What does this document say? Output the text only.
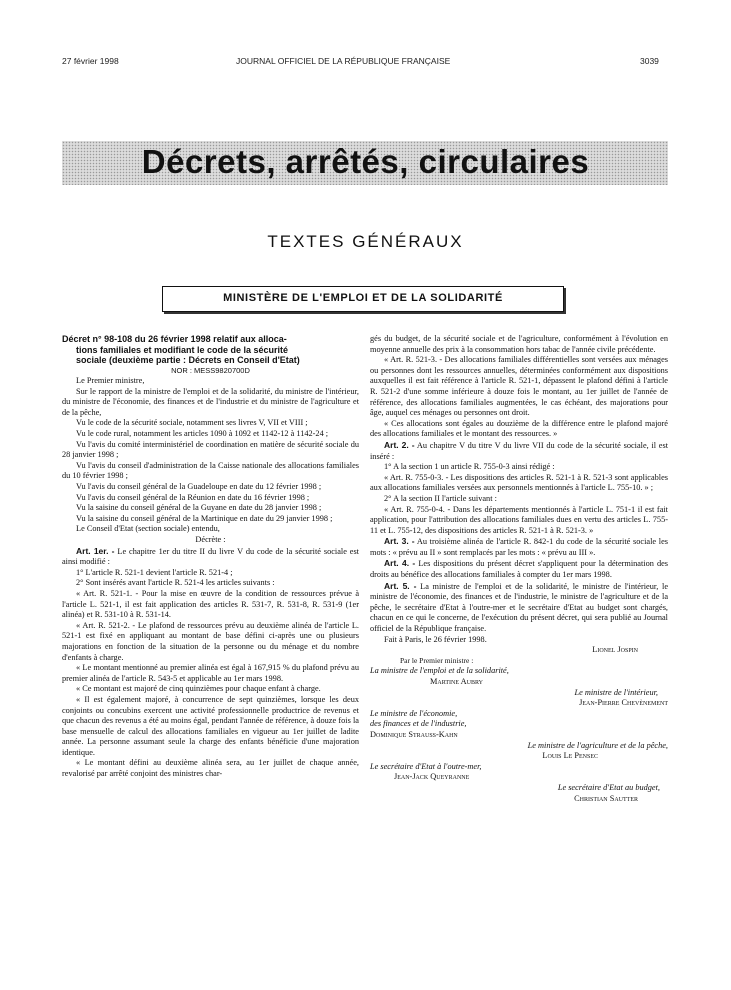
27 février 1998	JOURNAL OFFICIEL DE LA RÉPUBLIQUE FRANÇAISE	3039
Décrets, arrêtés, circulaires
TEXTES GÉNÉRAUX
MINISTÈRE DE L'EMPLOI ET DE LA SOLIDARITÉ

Décret n° 98-108 du 26 février 1998 relatif aux alloca-
tions familiales et modifiant le code de la sécurité
sociale (deuxième partie : Décrets en Conseil d'Etat)

NOR : MESS9820700D

Le Premier ministre,

Sur le rapport de la ministre de l'emploi et de la solidarité, du ministre de l'intérieur, du ministre de l'économie, des finances et de l'industrie et du ministre de l'agriculture et de la pêche,

Vu le code de la sécurité sociale, notamment ses livres V, VII et VIII ;

Vu le code rural, notamment les articles 1090 à 1092 et 1142-12 à 1142-24 ;

Vu l'avis du comité interministériel de coordination en matière de sécurité sociale du 28 janvier 1998 ;

Vu l'avis du conseil d'administration de la Caisse nationale des allocations familiales du 10 février 1998 ;

Vu l'avis du conseil général de la Guadeloupe en date du 12 février 1998 ;

Vu l'avis du conseil général de la Réunion en date du 16 février 1998 ;

Vu la saisine du conseil général de la Guyane en date du 28 janvier 1998 ;

Vu la saisine du conseil général de la Martinique en date du 29 janvier 1998 ;

Le Conseil d'Etat (section sociale) entendu,

Décrète :

Art. 1er. - Le chapitre 1er du titre II du livre V du code de la sécurité sociale est ainsi modifié :

1° L'article R. 521-1 devient l'article R. 521-4 ;

2° Sont insérés avant l'article R. 521-4 les articles suivants :

« Art. R. 521-1. - Pour la mise en œuvre de la condition de ressources prévue à l'article L. 521-1, il est fait application des articles R. 531-7, R. 531-8, R. 531-9 (1er alinéa) et R. 531-10 à R. 531-14.

« Art. R. 521-2. - Le plafond de ressources prévu au deuxième alinéa de l'article L. 521-1 est fixé en appliquant au montant de base défini ci-après une ou plusieurs majorations en fonction de la situation de la personne ou du ménage et du nombre d'enfants à charge.

« Le montant mentionné au premier alinéa est égal à 167,915 % du plafond prévu au premier alinéa de l'article R. 543-5 et applicable au 1er mars 1998.

« Ce montant est majoré de cinq quinzièmes pour chaque enfant à charge.

« Il est également majoré, à concurrence de sept quinzièmes, lorsque les deux conjoints ou concubins exercent une activité professionnelle productrice de revenus et que chacun des revenus a été au moins égal, pendant l'année de référence, à douze fois la base mensuelle de calcul des allocations familiales en vigueur au 1er juillet de ladite année. La personne assumant seule la charge des enfants bénéficie d'une majoration identique.

« Le montant défini au deuxième alinéa sera, au 1er juillet de chaque année, revalorisé par arrêté conjoint des ministres char-

gés du budget, de la sécurité sociale et de l'agriculture, conformément à l'évolution en moyenne annuelle des prix à la consommation hors tabac de l'année civile précédente.

« Art. R. 521-3. - Des allocations familiales différentielles sont versées aux ménages ou personnes dont les ressources annuelles, déterminées conformément aux dispositions auxquelles il est fait référence à l'article R. 521-1, dépassent le plafond défini à l'article R. 521-2 d'une somme inférieure à douze fois le montant, au 1er juillet de l'année de référence, des allocations familiales augmentées, le cas échéant, des majorations pour âge, auquel ces ménages ou personnes ont droit.

« Ces allocations sont égales au douzième de la différence entre le plafond majoré des allocations familiales et le montant des ressources. »

Art. 2. - Au chapitre V du titre V du livre VII du code de la sécurité sociale, il est inséré :

1° A la section 1 un article R. 755-0-3 ainsi rédigé :

« Art. R. 755-0-3. - Les dispositions des articles R. 521-1 à R. 521-3 sont applicables aux allocations familiales versées aux personnels mentionnés à l'article L. 755-10. » ;

2° A la section II l'article suivant :

« Art. R. 755-0-4. - Dans les départements mentionnés à l'article L. 751-1 il est fait application, pour l'attribution des allocations familiales dues en vertu des articles L. 755-11 et L. 755-12, des dispositions des articles R. 521-1 à R. 521-3. »

Art. 3. - Au troisième alinéa de l'article R. 842-1 du code de la sécurité sociale les mots : « prévu au II » sont remplacés par les mots : « prévu au III ».

Art. 4. - Les dispositions du présent décret s'appliquent pour la détermination des droits au bénéfice des allocations familiales à compter du 1er mars 1998.

Art. 5. - La ministre de l'emploi et de la solidarité, le ministre de l'intérieur, le ministre de l'économie, des finances et de l'industrie, le ministre de l'agriculture et de la pêche, le secrétaire d'Etat à l'outre-mer et le secrétaire d'Etat au budget sont chargés, chacun en ce qui le concerne, de l'exécution du présent décret, qui sera publié au Journal officiel de la République française.

Fait à Paris, le 26 février 1998.

Lionel Jospin

Par le Premier ministre :

La ministre de l'emploi et de la solidarité,

Martine Aubry

Le ministre de l'intérieur,

Jean-Pierre Chevènement

Le ministre de l'économie,

des finances et de l'industrie,

Dominique Strauss-Kahn

Le ministre de l'agriculture et de la pêche,

Louis Le Pensec

Le secrétaire d'Etat à l'outre-mer,

Jean-Jack Queyranne

Le secrétaire d'Etat au budget,

Christian Sautter
